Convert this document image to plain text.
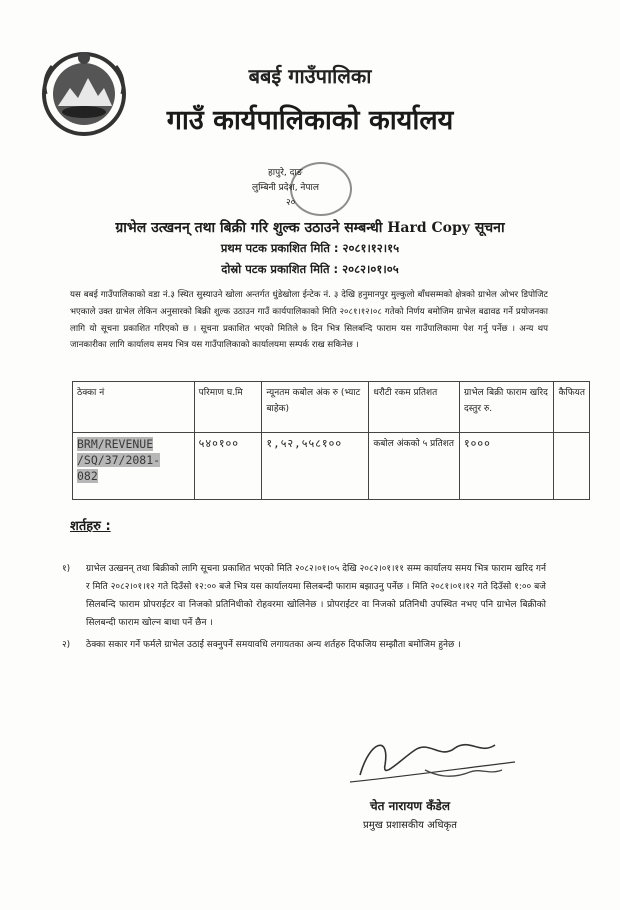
बबई गाउँपालिका
गाउँ कार्यपालिकाको कार्यालय
हापुरे, दाङ
लुम्बिनी प्रदेश, नेपाल
२०
ग्राभेल उत्खनन् तथा बिक्री गरि शुल्क उठाउने सम्बन्धी Hard Copy सूचना
प्रथम पटक प्रकाशित मिति : २०८१।१२।१५
दोस्रो पटक प्रकाशित मिति : २०८२।०१।०५
यस बबई गाउँपालिकाको वडा नं.३ स्थित सुस्याउने खोला अन्तर्गत धुंडेखोला ईन्टेक नं. ३ देखि हनुमानपुर मुल्कुलो बाँधसम्मको क्षेत्रको ग्राभेल ओभर डिपोजिट भएकाले उक्त ग्राभेल लेकिन अनुसारको बिक्री शुल्क उठाउन गाउँ कार्यपालिकाको मिति २०८१।१२।०८ गतेको निर्णय बमोजिम ग्राभेल बढावढ गर्ने प्रयोजनका लागि यो सूचना प्रकाशित गरिएको छ । सूचना प्रकाशित भएको मितिले ७ दिन भित्र सिलबन्दि फाराम यस गाउँपालिकामा पेश गर्नु पर्नेछ । अन्य थप जानकारीका लागि कार्यालय समय भित्र यस गाउँपालिकाको कार्यालयमा सम्पर्क राख सकिनेछ ।
ठेक्का नं	परिमाण घ.मि	न्यूनतम कबोल अंक रु (भ्याट बाहेक)	धरौटी रकम प्रतिशत	ग्राभेल बिक्री फाराम खरिद दस्तुर रु.	कैफियत
BRM/REVENUE
/SQ/37/2081-
082	५४०१००	१,५२,५५८१००	कबोल अंकको ५ प्रतिशत	१०००	
शर्तहरु :
१) ग्राभेल उत्खनन् तथा बिक्रीको लागि सूचना प्रकाशित भएको मिति २०८२।०१।०५ देखि २०८२।०१।११ सम्म कार्यालय समय भित्र फाराम खरिद गर्न र मिति २०८२।०१।१२ गते दिउँसो १२:०० बजे भित्र यस कार्यालयमा सिलबन्दी फाराम बझाउनु पर्नेछ । मिति २०८१।०१।१२ गते दिउँसो १:०० बजे सिलबन्दि फाराम प्रोपराईटर वा निजको प्रतिनिधीको रोहवरमा खोलिनेछ । प्रोपराईटर वा निजको प्रतिनिधी उपस्थित नभए पनि ग्राभेल बिक्रीको सिलबन्दी फाराम खोल्न बाधा पर्ने छैन ।
२) ठेक्का सकार गर्ने फर्मले ग्राभेल उठाई सक्नुपर्ने समयावधि लगायतका अन्य शर्तहरु दिफजिय सम्झौता बमोजिम हुनेछ ।
चेत नारायण कँडेल
प्रमुख प्रशासकीय अधिकृत
